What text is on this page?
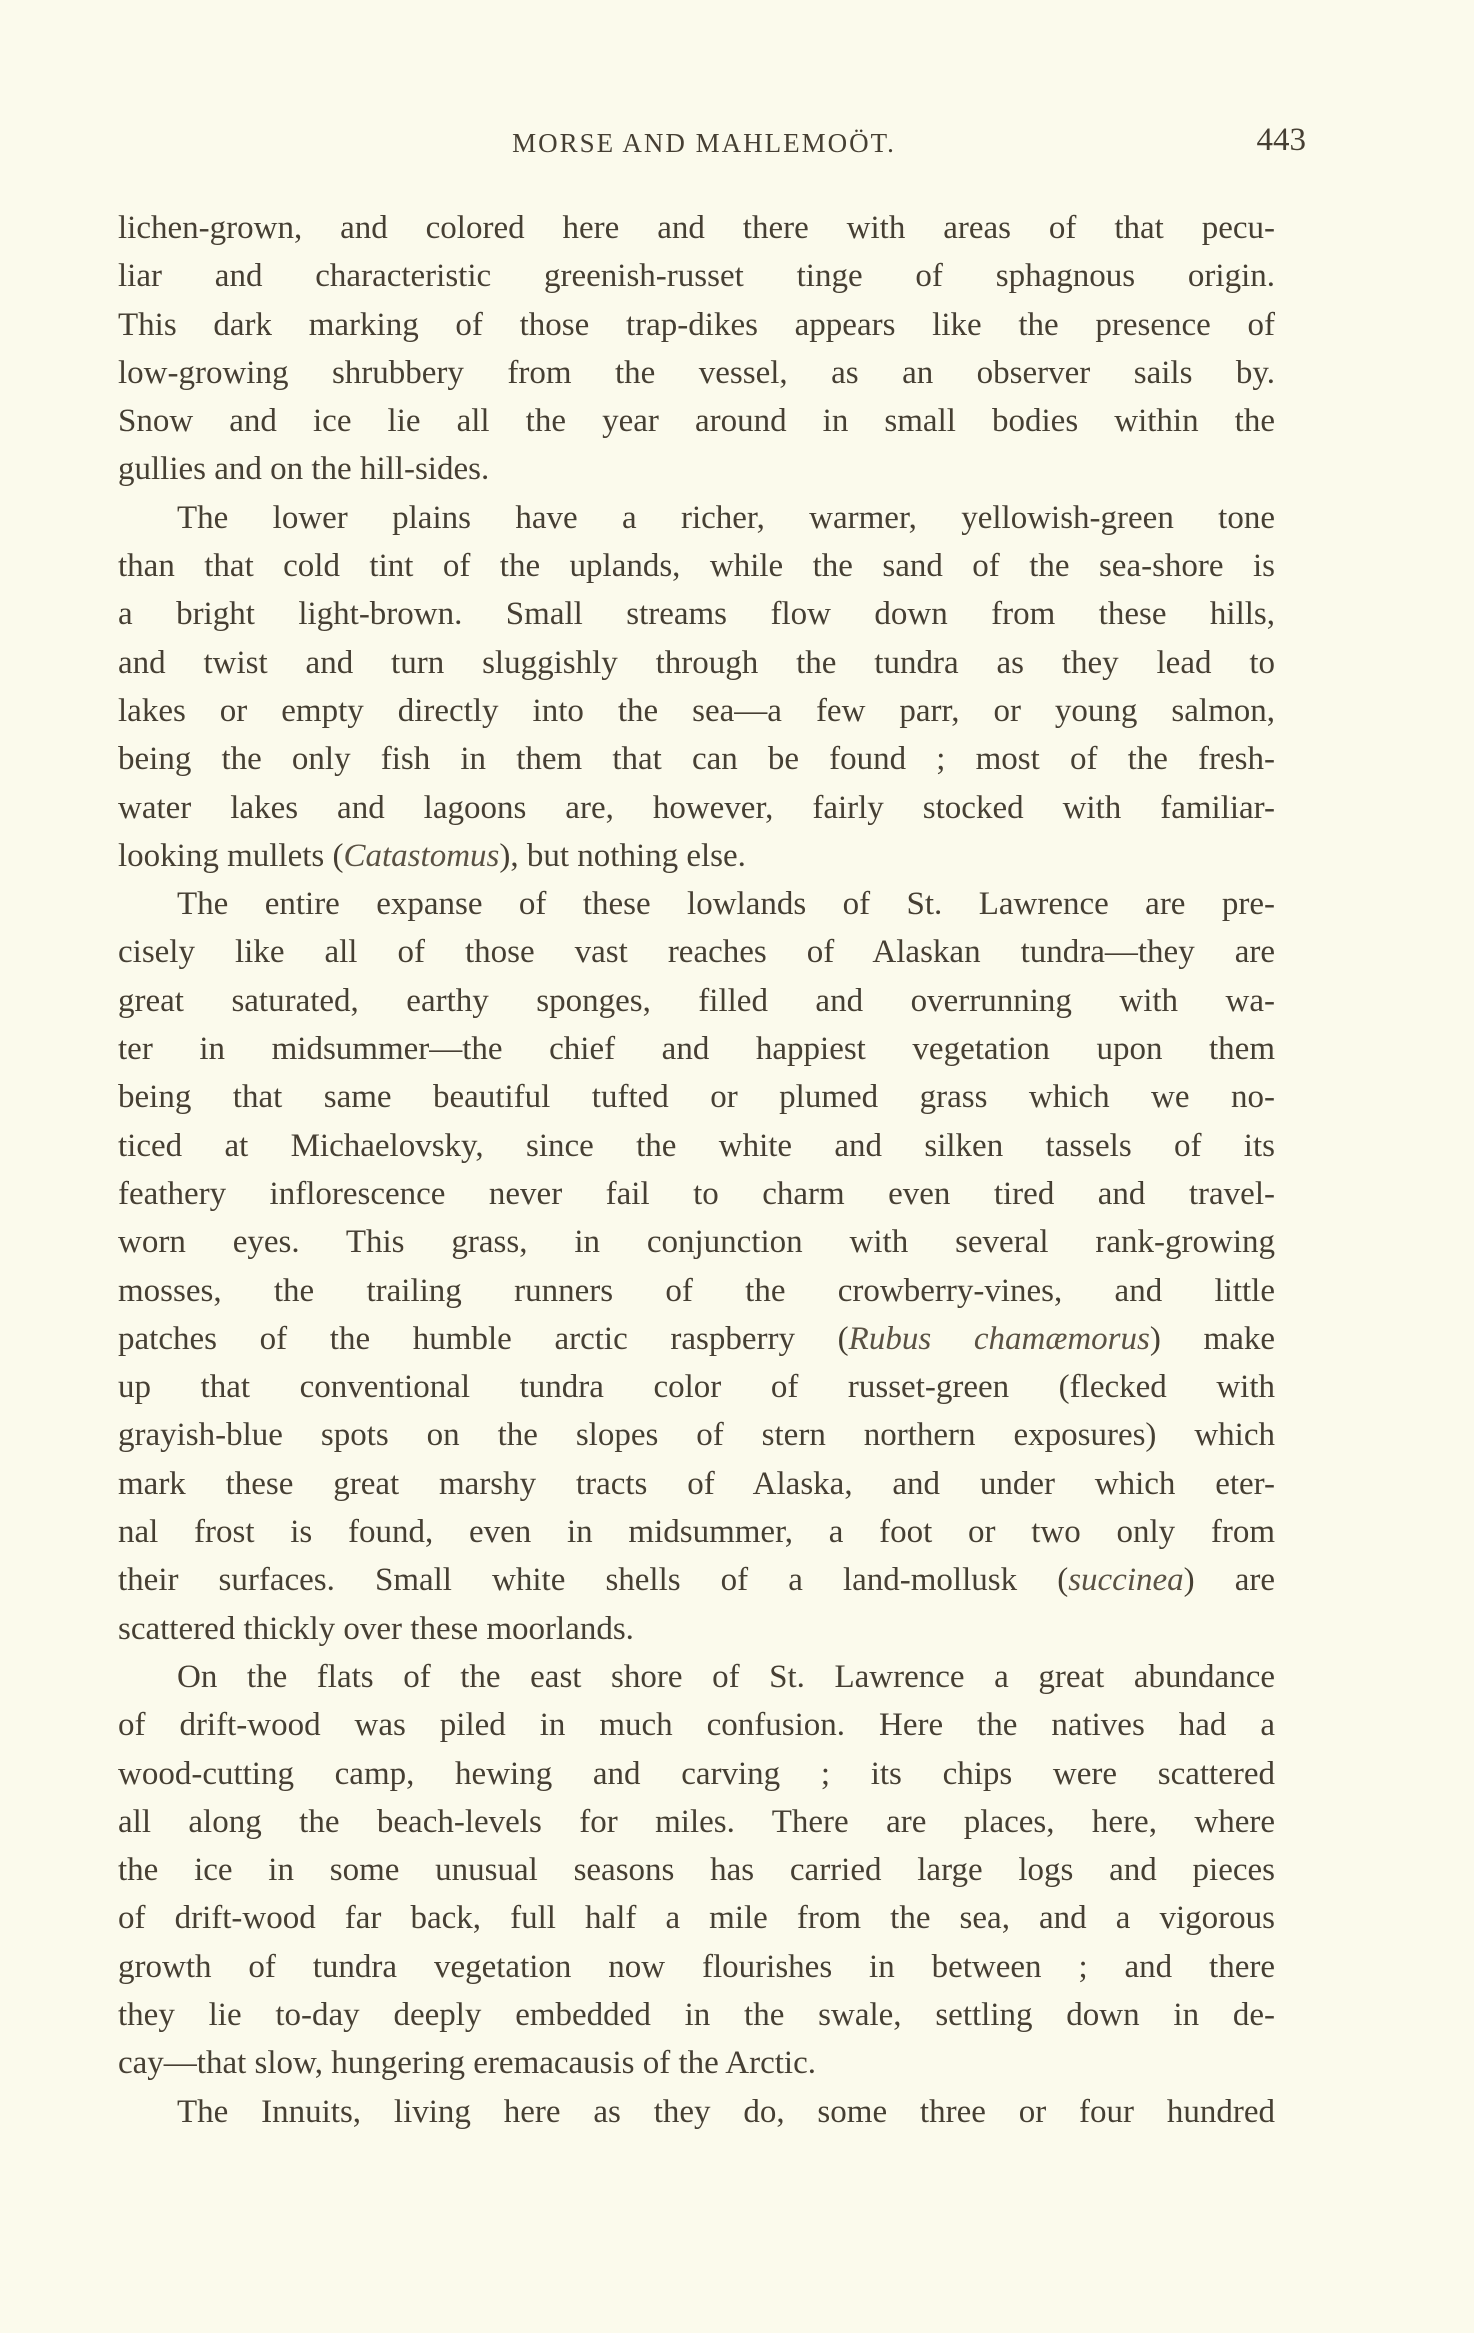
MORSE AND MAHLEMOÖT.	443
lichen-grown, and colored here and there with areas of that pecu-
liar and characteristic greenish-russet tinge of sphagnous origin.
This dark marking of those trap-dikes appears like the presence of
low-growing shrubbery from the vessel, as an observer sails by.
Snow and ice lie all the year around in small bodies within the
gullies and on the hill-sides.
The lower plains have a richer, warmer, yellowish-green tone
than that cold tint of the uplands, while the sand of the sea-shore is
a bright light-brown. Small streams flow down from these hills,
and twist and turn sluggishly through the tundra as they lead to
lakes or empty directly into the sea—a few parr, or young salmon,
being the only fish in them that can be found ; most of the fresh-
water lakes and lagoons are, however, fairly stocked with familiar-
looking mullets (Catastomus), but nothing else.
The entire expanse of these lowlands of St. Lawrence are pre-
cisely like all of those vast reaches of Alaskan tundra—they are
great saturated, earthy sponges, filled and overrunning with wa-
ter in midsummer—the chief and happiest vegetation upon them
being that same beautiful tufted or plumed grass which we no-
ticed at Michaelovsky, since the white and silken tassels of its
feathery inflorescence never fail to charm even tired and travel-
worn eyes. This grass, in conjunction with several rank-growing
mosses, the trailing runners of the crowberry-vines, and little
patches of the humble arctic raspberry (Rubus chamæmorus) make
up that conventional tundra color of russet-green (flecked with
grayish-blue spots on the slopes of stern northern exposures) which
mark these great marshy tracts of Alaska, and under which eter-
nal frost is found, even in midsummer, a foot or two only from
their surfaces. Small white shells of a land-mollusk (succinea) are
scattered thickly over these moorlands.
On the flats of the east shore of St. Lawrence a great abundance
of drift-wood was piled in much confusion. Here the natives had a
wood-cutting camp, hewing and carving ; its chips were scattered
all along the beach-levels for miles. There are places, here, where
the ice in some unusual seasons has carried large logs and pieces
of drift-wood far back, full half a mile from the sea, and a vigorous
growth of tundra vegetation now flourishes in between ; and there
they lie to-day deeply embedded in the swale, settling down in de-
cay—that slow, hungering eremacausis of the Arctic.
The Innuits, living here as they do, some three or four hundred
